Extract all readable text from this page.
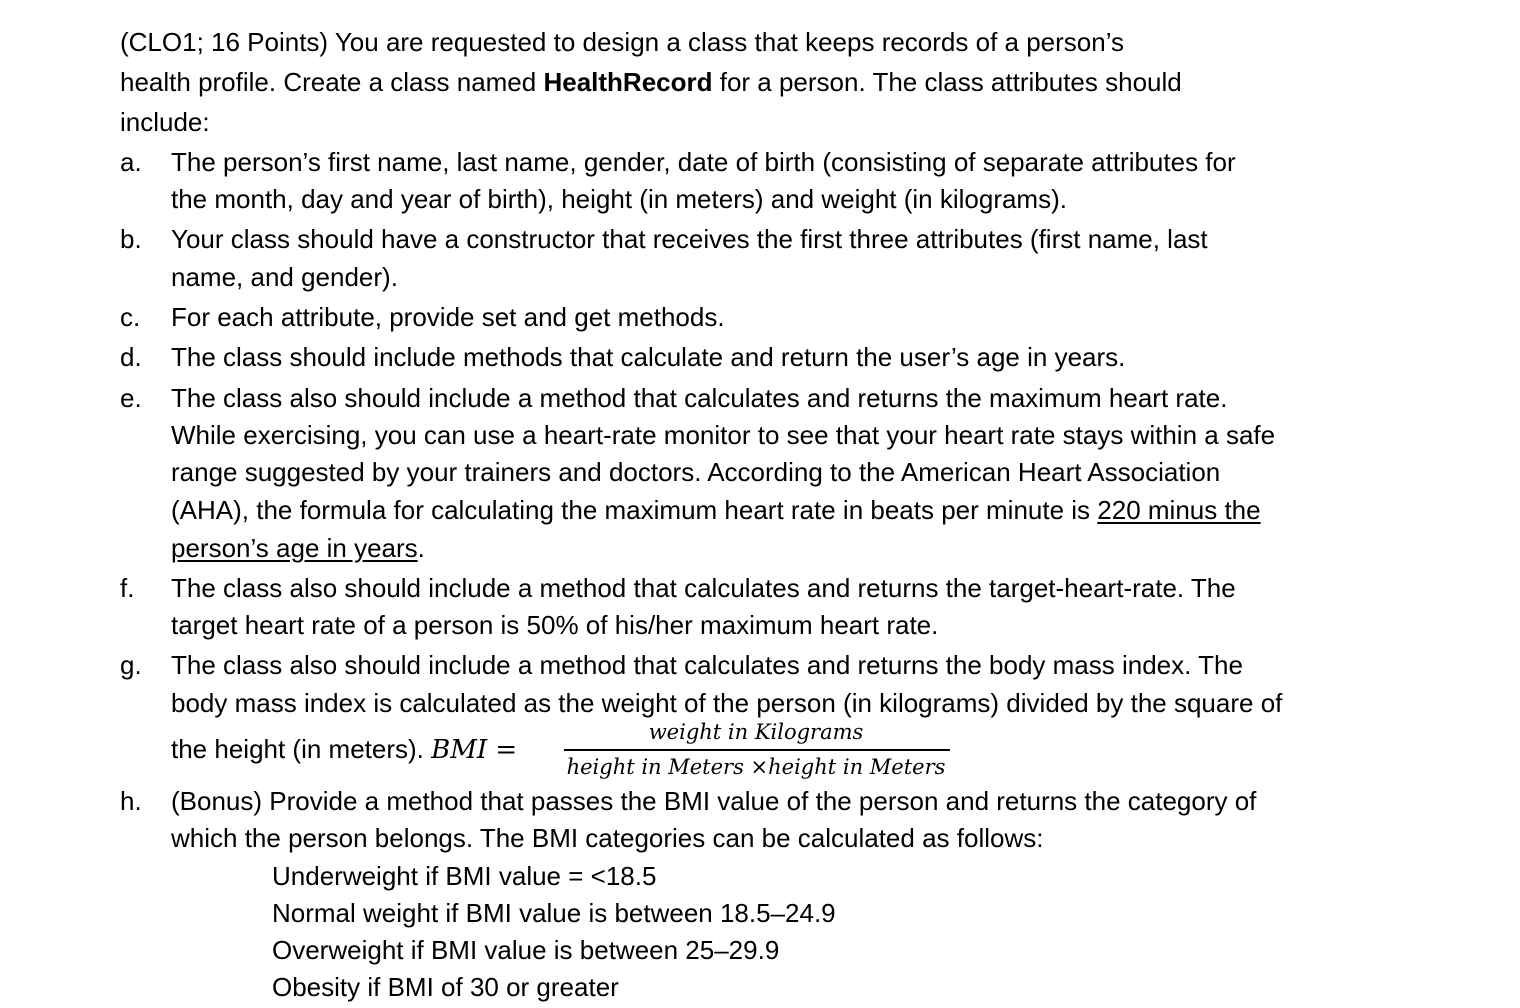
(CLO1; 16 Points) You are requested to design a class that keeps records of a person’s
health profile. Create a class named HealthRecord for a person. The class attributes should
include:
a. The person’s first name, last name, gender, date of birth (consisting of separate attributes for
the month, day and year of birth), height (in meters) and weight (in kilograms).
b. Your class should have a constructor that receives the first three attributes (first name, last
name, and gender).
c. For each attribute, provide set and get methods.
d. The class should include methods that calculate and return the user’s age in years.
e. The class also should include a method that calculates and returns the maximum heart rate.
While exercising, you can use a heart-rate monitor to see that your heart rate stays within a safe
range suggested by your trainers and doctors. According to the American Heart Association
(AHA), the formula for calculating the maximum heart rate in beats per minute is 220 minus the
person’s age in years.
f. The class also should include a method that calculates and returns the target-heart-rate. The
target heart rate of a person is 50% of his/her maximum heart rate.
g. The class also should include a method that calculates and returns the body mass index. The
body mass index is calculated as the weight of the person (in kilograms) divided by the square of
the height (in meters). BMI =
weight in Kilograms
height in Meters ×height in Meters
h. (Bonus) Provide a method that passes the BMI value of the person and returns the category of
which the person belongs. The BMI categories can be calculated as follows:
Underweight if BMI value = <18.5
Normal weight if BMI value is between 18.5–24.9
Overweight if BMI value is between 25–29.9
Obesity if BMI of 30 or greater
